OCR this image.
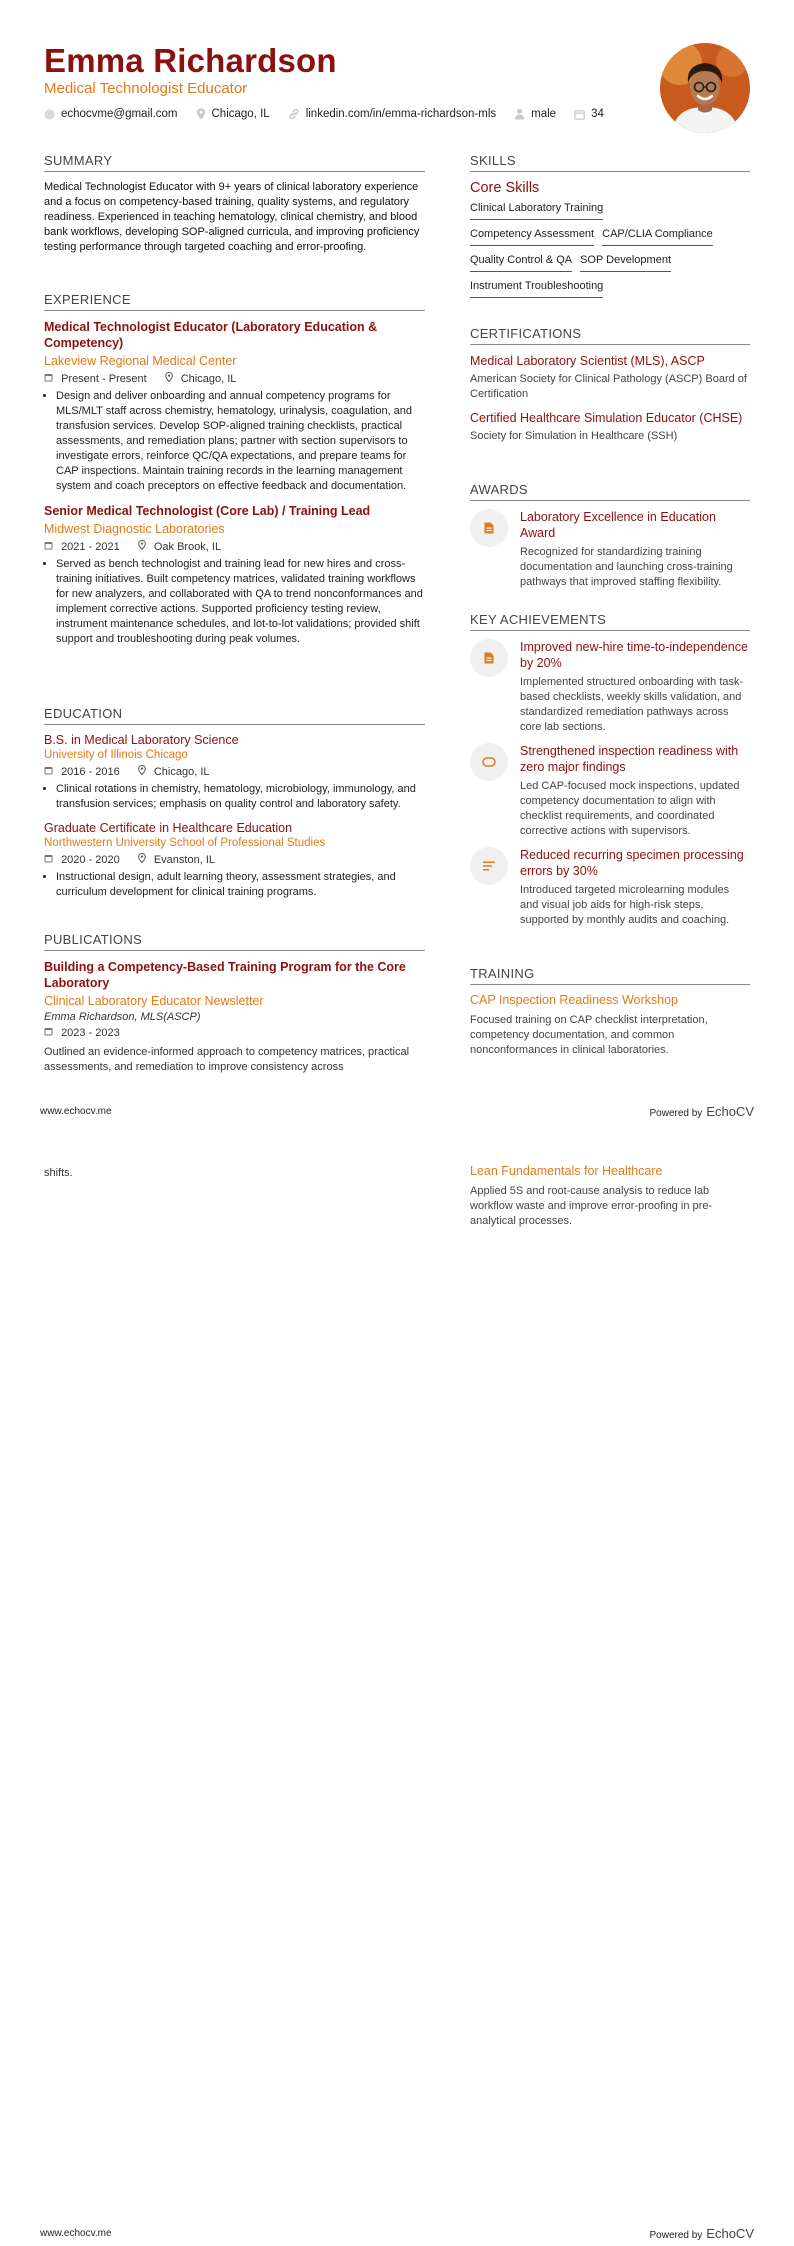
Emma Richardson
Medical Technologist Educator
echocvme@gmail.com	Chicago, IL	linkedin.com/in/emma-richardson-mls	male	34
SUMMARY
Medical Technologist Educator with 9+ years of clinical laboratory experience and a focus on competency-based training, quality systems, and regulatory readiness. Experienced in teaching hematology, clinical chemistry, and blood bank workflows, developing SOP-aligned curricula, and improving proficiency testing performance through targeted coaching and error-proofing.
EXPERIENCE
Medical Technologist Educator (Laboratory Education & Competency)
Lakeview Regional Medical Center

Present - Present
	Chicago, IL
• Design and deliver onboarding and annual competency programs for MLS/MLT staff across chemistry, hematology, urinalysis, coagulation, and transfusion services. Develop SOP-aligned training checklists, practical assessments, and remediation plans; partner with section supervisors to investigate errors, reinforce QC/QA expectations, and prepare teams for CAP inspections. Maintain training records in the learning management system and coach preceptors on effective feedback and documentation.
Senior Medical Technologist (Core Lab) / Training Lead
Midwest Diagnostic Laboratories

2021 - 2021
	Oak Brook, IL
• Served as bench technologist and training lead for new hires and cross-training initiatives. Built competency matrices, validated training workflows for new analyzers, and collaborated with QA to trend nonconformances and implement corrective actions. Supported proficiency testing review, instrument maintenance schedules, and lot-to-lot validations; provided shift support and troubleshooting during peak volumes.
EDUCATION
B.S. in Medical Laboratory Science
University of Illinois Chicago

2016 - 2016
	Chicago, IL
• Clinical rotations in chemistry, hematology, microbiology, immunology, and transfusion services; emphasis on quality control and laboratory safety.
Graduate Certificate in Healthcare Education
Northwestern University School of Professional Studies

2020 - 2020
	Evanston, IL
• Instructional design, adult learning theory, assessment strategies, and curriculum development for clinical training programs.
PUBLICATIONS
Building a Competency-Based Training Program for the Core Laboratory
Clinical Laboratory Educator Newsletter
Emma Richardson, MLS(ASCP)

2023 - 2023
Outlined an evidence-informed approach to competency matrices, practical assessments, and remediation to improve consistency across
SKILLS
Core Skills
Clinical Laboratory Training
Competency Assessment CAP/CLIA Compliance
Quality Control & QA SOP Development
Instrument Troubleshooting
CERTIFICATIONS
Medical Laboratory Scientist (MLS), ASCP
American Society for Clinical Pathology (ASCP) Board of Certification
Certified Healthcare Simulation Educator (CHSE)
Society for Simulation in Healthcare (SSH)
AWARDS
Laboratory Excellence in Education Award
Recognized for standardizing training documentation and launching cross-training pathways that improved staffing flexibility.
KEY ACHIEVEMENTS
Improved new-hire time-to-independence by 20%
Implemented structured onboarding with task-based checklists, weekly skills validation, and standardized remediation pathways across core lab sections.
Strengthened inspection readiness with zero major findings
Led CAP-focused mock inspections, updated competency documentation to align with checklist requirements, and coordinated corrective actions with supervisors.
Reduced recurring specimen processing errors by 30%
Introduced targeted microlearning modules and visual job aids for high-risk steps, supported by monthly audits and coaching.
TRAINING
CAP Inspection Readiness Workshop
Focused training on CAP checklist interpretation, competency documentation, and common nonconformances in clinical laboratories.
www.echocv.me	Powered by EchoCV
shifts.	Lean Fundamentals for Healthcare
Applied 5S and root-cause analysis to reduce lab workflow waste and improve error-proofing in pre-analytical processes.
www.echocv.me	Powered by EchoCV
